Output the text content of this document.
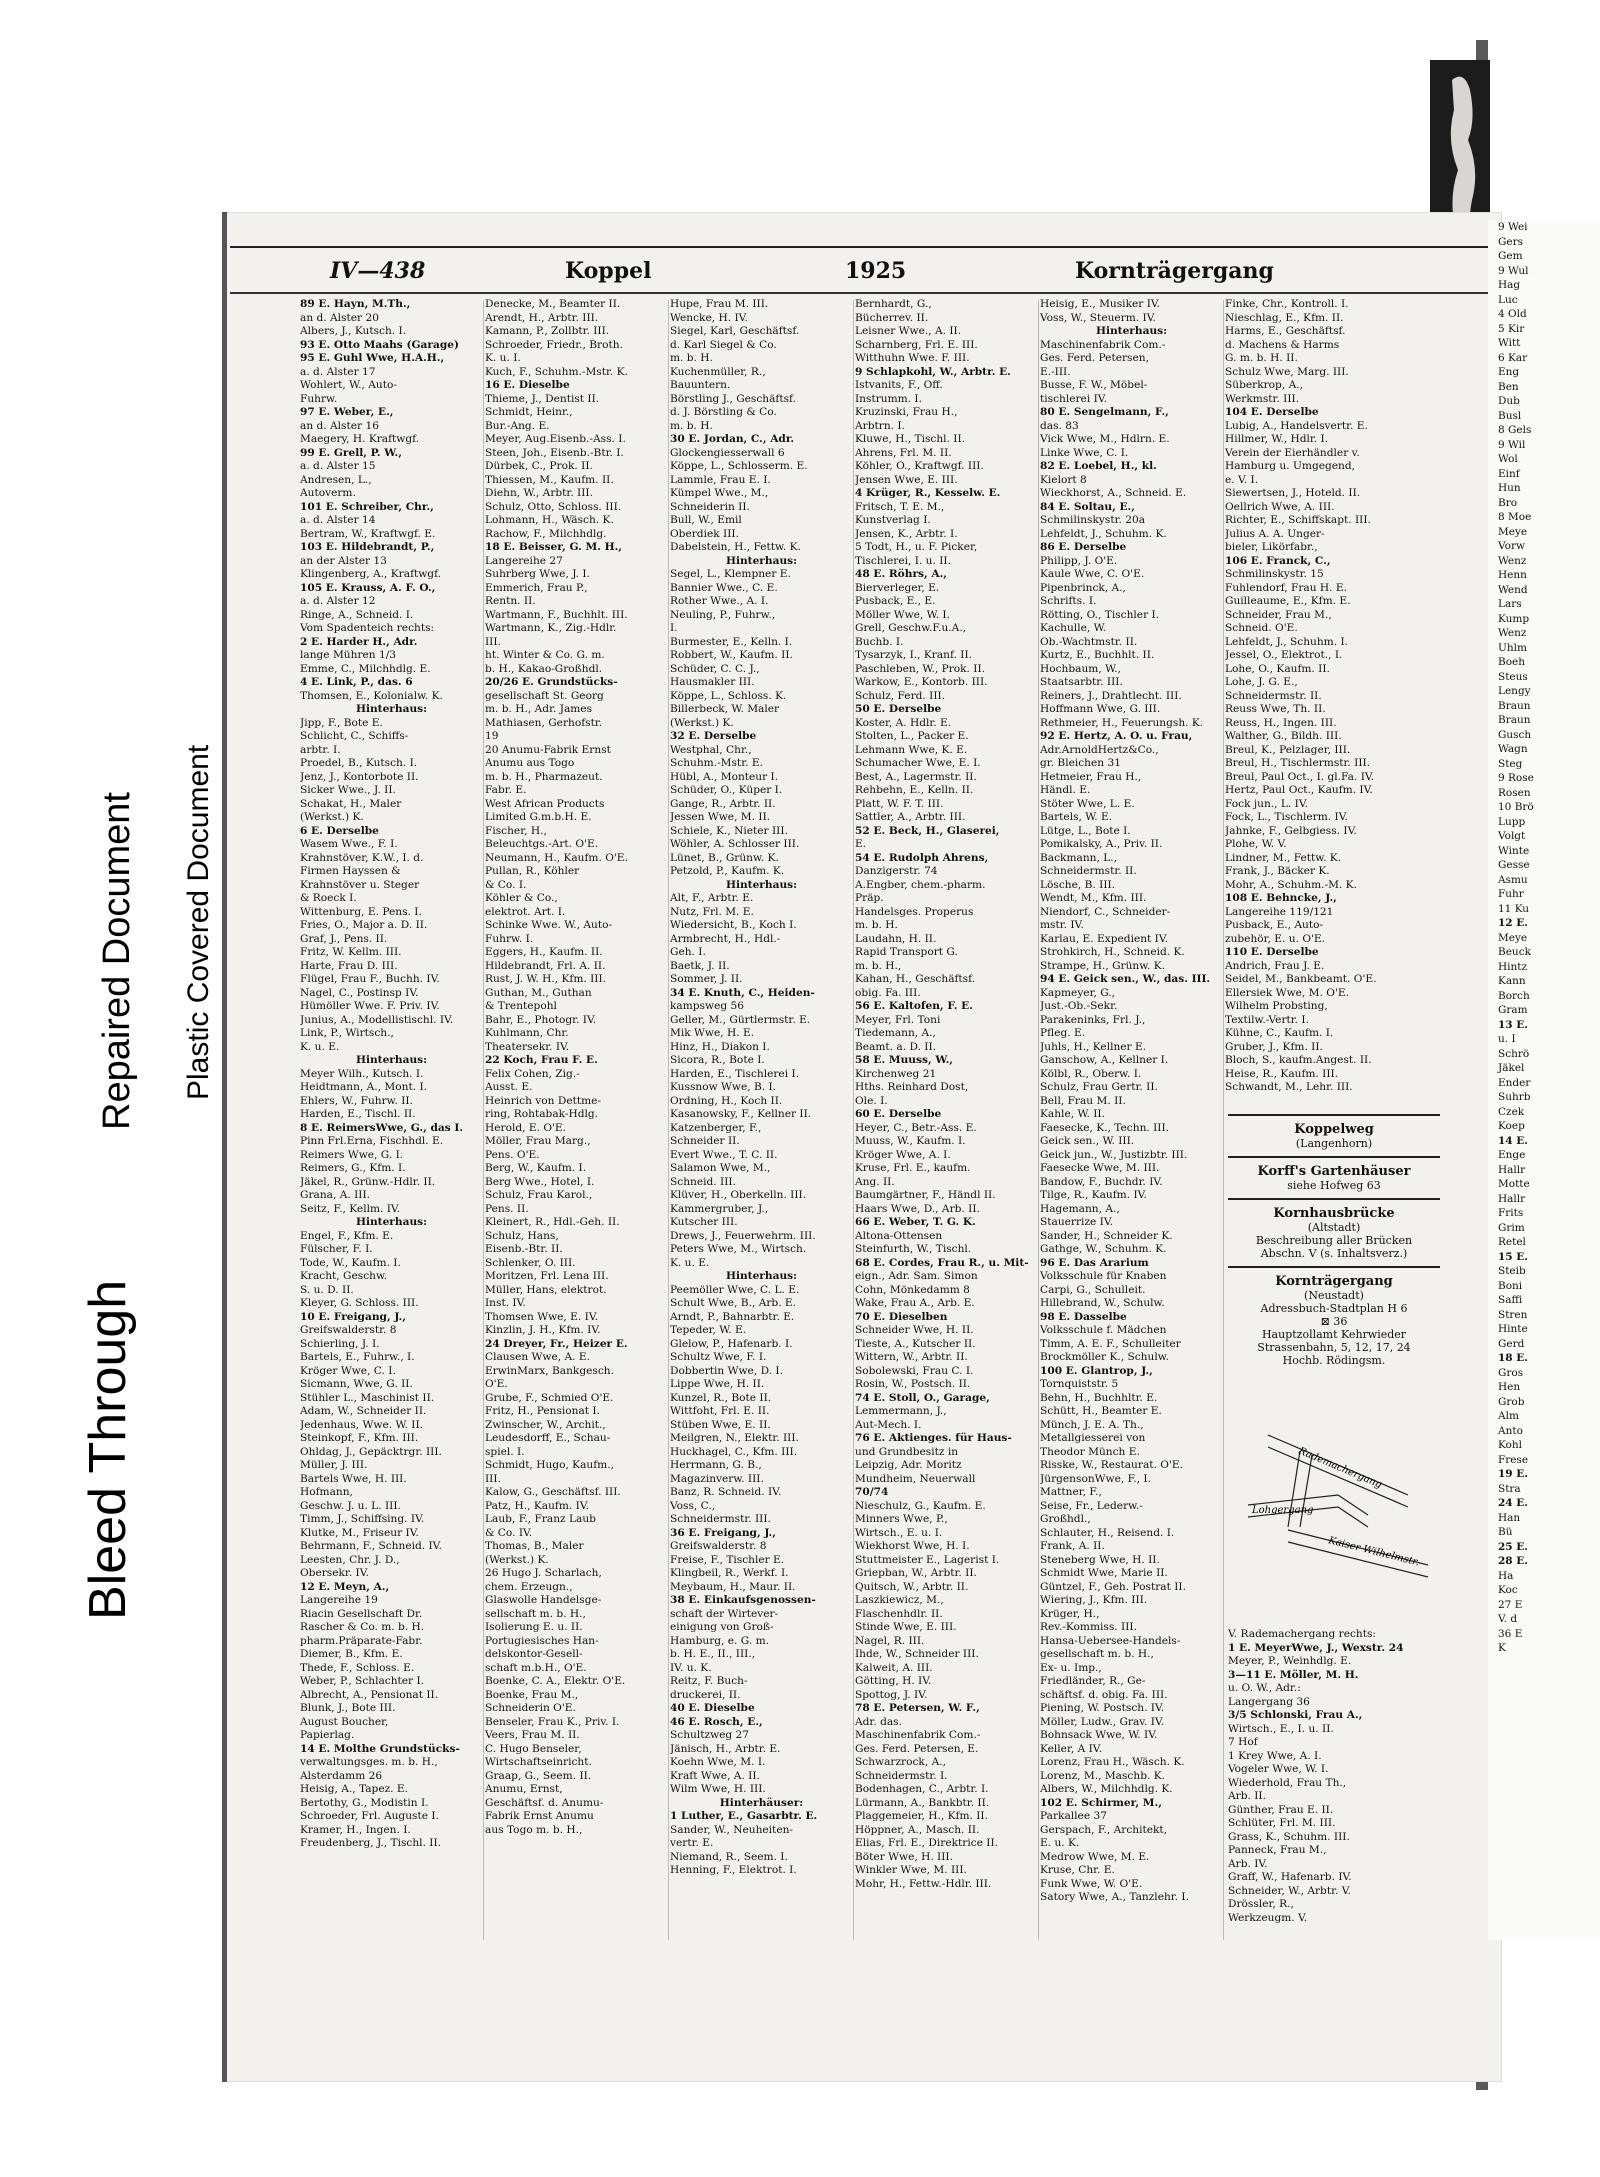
Bleed Through
Repaired Document Plastic Covered Document
IV—438	Koppel	1925	Kornträgergang
89 E. Hayn, M.Th.,
an d. Alster 20
Albers, J., Kutsch. I.
93 E. Otto Maahs (Garage)
95 E. Guhl Wwe, H.A.H.,
a. d. Alster 17
Wohlert, W., Auto-
Fuhrw.
97 E. Weber, E.,
an d. Alster 16
Maegery, H. Kraftwgf.
99 E. Grell, P. W.,
a. d. Alster 15
Andresen, L.,
Autoverm.
101 E. Schreiber, Chr.,
a. d. Alster 14
Bertram, W., Kraftwgf. E.
103 E. Hildebrandt, P.,
an der Alster 13
Klingenberg, A., Kraftwgf.
105 E. Krauss, A. F. O.,
a. d. Alster 12
Ringe, A., Schneid. I.
Vom Spadenteich rechts:
2 E. Harder H., Adr.
lange Mühren 1/3
Emme, C., Milchhdlg. E.
4 E. Link, P., das. 6
Thomsen, E., Kolonialw. K.
Hinterhaus:
Jipp, F., Bote E.
Schlicht, C., Schiffs-
arbtr. I.
Proedel, B., Kutsch. I.
Jenz, J., Kontorbote II.
Sicker Wwe., J. II.
Schakat, H., Maler
(Werkst.) K.
6 E. Derselbe
Wasem Wwe., F. I.
Krahnstöver, K.W., I. d.
Firmen Hayssen &
Krahnstöver u. Steger
& Roeck I.
Wittenburg, E. Pens. I.
Fries, O., Major a. D. II.
Graf, J., Pens. II.
Fritz, W. Kellm. III.
Harte, Frau D. III.
Flügel, Frau F., Buchh. IV.
Nagel, C., Postinsp IV.
Hümöller Wwe. F. Priv. IV.
Junius, A., Modellistischl. IV.
Link, P., Wirtsch.,
K. u. E.
Hinterhaus:
Meyer Wilh., Kutsch. I.
Heidtmann, A., Mont. I.
Ehlers, W., Fuhrw. II.
Harden, E., Tischl. II.
8 E. ReimersWwe, G., das I.
Pinn Frl.Erna, Fischhdl. E.
Reimers Wwe, G. I.
Reimers, G., Kfm. I.
Jäkel, R., Grünw.-Hdlr. II.
Grana, A. III.
Seitz, F., Kellm. IV.
Hinterhaus:
Engel, F., Kfm. E.
Fülscher, F. I.
Tode, W., Kaufm. I.
Kracht, Geschw.
S. u. D. II.
Kleyer, G. Schloss. III.
10 E. Freigang, J.,
Greifswalderstr. 8
Schierling, J. I.
Bartels, E., Fuhrw., I.
Kröger Wwe, C. I.
Sicmann, Wwe, G. II.
Stühler L., Maschinist II.
Adam, W., Schneider II.
Jedenhaus, Wwe. W. II.
Steinkopf, F., Kfm. III.
Ohldag, J., Gepäcktrgr. III.
Müller, J. III.
Bartels Wwe, H. III.
Hofmann,
Geschw. J. u. L. III.
Timm, J., Schiffsing. IV.
Klutke, M., Friseur IV.
Behrmann, F., Schneid. IV.
Leesten, Chr. J. D.,
Obersekr. IV.
12 E. Meyn, A.,
Langereihe 19
Riacin Gesellschaft Dr.
Rascher & Co. m. b. H.
pharm.Präparate-Fabr.
Diemer, B., Kfm. E.
Thede, F., Schloss. E.
Weber, P., Schlachter I.
Albrecht, A., Pensionat II.
Blunk, J., Bote III.
August Boucher,
Papierlag.
14 E. Molthe Grundstücks-
verwaltungsges. m. b. H.,
Alsterdamm 26
Heisig, A., Tapez. E.
Bertothy, G., Modistin I.
Schroeder, Frl. Auguste I.
Kramer, H., Ingen. I.
Freudenberg, J., Tischl. II.
Denecke, M., Beamter II.
Arendt, H., Arbtr. III.
Kamann, P., Zollbtr. III.
Schroeder, Friedr., Broth.
K. u. I.
Kuch, F., Schuhm.-Mstr. K.
16 E. Dieselbe
Thieme, J., Dentist II.
Schmidt, Heinr.,
Bur.-Ang. E.
Meyer, Aug.Eisenb.-Ass. I.
Steen, Joh., Eisenb.-Btr. I.
Dürbek, C., Prok. II.
Thiessen, M., Kaufm. II.
Diehn, W., Arbtr. III.
Schulz, Otto, Schloss. III.
Lohmann, H., Wäsch. K.
Rachow, F., Milchhdlg.
18 E. Beisser, G. M. H.,
Langereihe 27
Suhrberg Wwe, J. I.
Emmerich, Frau P.,
Rentn. II.
Wartmann, F., Buchhlt. III.
Wartmann, K., Zig.-Hdlr.
III.
ht. Winter & Co. G. m.
b. H., Kakao-Großhdl.
20/26 E. Grundstücks-
gesellschaft St. Georg
m. b. H., Adr. James
Mathiasen, Gerhofstr.
19
20 Anumu-Fabrik Ernst
Anumu aus Togo
m. b. H., Pharmazeut.
Fabr. E.
West African Products
Limited G.m.b.H. E.
Fischer, H.,
Beleuchtgs.-Art. O'E.
Neumann, H., Kaufm. O'E.
Pullan, R., Köhler
& Co. I.
Köhler & Co.,
elektrot. Art. I.
Schinke Wwe. W., Auto-
Fuhrw. I.
Eggers, H., Kaufm. II.
Hildebrandt, Frl. A. II.
Rust, J. W. H., Kfm. III.
Guthan, M., Guthan
& Trentepohl
Bahr, E., Photogr. IV.
Kuhlmann, Chr.
Theatersekr. IV.
22 Koch, Frau F. E.
Felix Cohen, Zig.-
Ausst. E.
Heinrich von Dettme-
ring, Rohtabak-Hdlg.
Herold, E. O'E.
Möller, Frau Marg.,
Pens. O'E.
Berg, W., Kaufm. I.
Berg Wwe., Hotel, I.
Schulz, Frau Karol.,
Pens. II.
Kleinert, R., Hdl.-Geh. II.
Schulz, Hans,
Eisenb.-Btr. II.
Schlenker, O. III.
Moritzen, Frl. Lena III.
Müller, Hans, elektrot.
Inst. IV.
Thomsen Wwe, E. IV.
Kinzlin, J. H., Kfm. IV.
24 Dreyer, Fr., Heizer E.
Clausen Wwe, A. E.
ErwinMarx, Bankgesch.
O'E.
Grube, F., Schmied O'E.
Fritz, H., Pensionat I.
Zwinscher, W., Archit.,
Leudesdorff, E., Schau-
spiel. I.
Schmidt, Hugo, Kaufm.,
III.
Kalow, G., Geschäftsf. III.
Patz, H., Kaufm. IV.
Laub, F., Franz Laub
& Co. IV.
Thomas, B., Maler
(Werkst.) K.
26 Hugo J. Scharlach,
chem. Erzeugn.,
Glaswolle Handelsge-
sellschaft m. b. H.,
Isolierung E. u. II.
Portugiesisches Han-
delskontor-Gesell-
schaft m.b.H., O'E.
Boenke, C. A., Elektr. O'E.
Boenke, Frau M.,
Schneiderin O'E.
Benseler, Frau K., Priv. I.
Veers, Frau M. II.
C. Hugo Benseler,
Wirtschaftseinricht.
Graap, G., Seem. II.
Anumu, Ernst,
Geschäftsf. d. Anumu-
Fabrik Ernst Anumu
aus Togo m. b. H.,
Hupe, Frau M. III.
Wencke, H. IV.
Siegel, Karl, Geschäftsf.
d. Karl Siegel & Co.
m. b. H.
Kuchenmüller, R.,
Bauuntern.
Börstling J., Geschäftsf.
d. J. Börstling & Co.
m. b. H.
30 E. Jordan, C., Adr.
Glockengiesserwall 6
Köppe, L., Schlosserm. E.
Lammle, Frau E. I.
Kümpel Wwe., M.,
Schneiderin II.
Bull, W., Emil
Oberdiek III.
Dabelstein, H., Fettw. K.
Hinterhaus:
Segel, L., Klempner E.
Bannier Wwe., C. E.
Rother Wwe., A. I.
Neuling, P., Fuhrw.,
I.
Burmester, E., Kelln. I.
Robbert, W., Kaufm. II.
Schüder, C. C. J.,
Hausmakler III.
Köppe, L., Schloss. K.
Billerbeck, W. Maler
(Werkst.) K.
32 E. Derselbe
Westphal, Chr.,
Schuhm.-Mstr. E.
Hübl, A., Monteur I.
Schüder, O., Küper I.
Gange, R., Arbtr. II.
Jessen Wwe, M. II.
Schiele, K., Nieter III.
Wöhler, A. Schlosser III.
Lünet, B., Grünw. K.
Petzold, P., Kaufm. K.
Hinterhaus:
Alt, F., Arbtr. E.
Nutz, Frl. M. E.
Wiedersicht, B., Koch I.
Armbrecht, H., Hdl.-
Geh. I.
Baetk, J. II.
Sommer, J. II.
34 E. Knuth, C., Heiden-
kampsweg 56
Geller, M., Gürtlermstr. E.
Mik Wwe, H. E.
Hinz, H., Diakon I.
Sicora, R., Bote I.
Harden, E., Tischlerei I.
Kussnow Wwe, B. I.
Ordning, H., Koch II.
Kasanowsky, F., Kellner II.
Katzenberger, F.,
Schneider II.
Evert Wwe., T. C. II.
Salamon Wwe, M.,
Schneid. III.
Klüver, H., Oberkelln. III.
Kammergruber, J.,
Kutscher III.
Drews, J., Feuerwehrm. III.
Peters Wwe, M., Wirtsch.
K. u. E.
Hinterhaus:
Peemöller Wwe, C. L. E.
Schult Wwe, B., Arb. E.
Arndt, P., Bahnarbtr. E.
Tepeder, W. E.
Glelow, P., Hafenarb. I.
Schultz Wwe, F. I.
Dobbertin Wwe, D. I.
Lippe Wwe, H. II.
Kunzel, R., Bote II.
Wittfoht, Frl. E. II.
Stüben Wwe, E. II.
Meilgren, N., Elektr. III.
Huckhagel, C., Kfm. III.
Herrmann, G. B.,
Magazinverw. III.
Banz, R. Schneid. IV.
Voss, C.,
Schneidermstr. III.
36 E. Freigang, J.,
Greifswalderstr. 8
Freise, F., Tischler E.
Klingbeil, R., Werkf. I.
Meybaum, H., Maur. II.
38 E. Einkaufsgenossen-
schaft der Wirtever-
einigung von Groß-
Hamburg, e. G. m.
b. H. E., II., III.,
IV. u. K.
Reitz, F. Buch-
druckerei, II.
40 E. Dieselbe
46 E. Rosch, E.,
Schultzweg 27
Jänisch, H., Arbtr. E.
Koehn Wwe, M. I.
Kraft Wwe, A. II.
Wilm Wwe, H. III.
Hinterhäuser:
1 Luther, E., Gasarbtr. E.
Sander, W., Neuheiten-
vertr. E.
Niemand, R., Seem. I.
Henning, F., Elektrot. I.
Bernhardt, G.,
Bücherrev. II.
Leisner Wwe., A. II.
Scharnberg, Frl. E. III.
Witthuhn Wwe. F. III.
9 Schlapkohl, W., Arbtr. E.
Istvanits, F., Off.
Instrumm. I.
Kruzinski, Frau H.,
Arbtrn. I.
Kluwe, H., Tischl. II.
Ahrens, Frl. M. II.
Köhler, O., Kraftwgf. III.
Jensen Wwe, E. III.
4 Krüger, R., Kesselw. E.
Fritsch, T. E. M.,
Kunstverlag I.
Jensen, K., Arbtr. I.
5 Todt, H., u. F. Picker,
Tischlerei, I. u. II.
48 E. Röhrs, A.,
Bierverleger, E.
Pusback, E., E.
Möller Wwe, W. I.
Grell, Geschw.F.u.A.,
Buchb. I.
Tysarzyk, I., Kranf. II.
Paschleben, W., Prok. II.
Warkow, E., Kontorb. III.
Schulz, Ferd. III.
50 E. Derselbe
Koster, A. Hdlr. E.
Stolten, L., Packer E.
Lehmann Wwe, K. E.
Schumacher Wwe, E. I.
Best, A., Lagermstr. II.
Rehbehn, E., Kelln. II.
Platt, W. F. T. III.
Sattler, A., Arbtr. III.
52 E. Beck, H., Glaserei,
E.
54 E. Rudolph Ahrens,
Danzigerstr. 74
A.Engber, chem.-pharm.
Präp.
Handelsges. Properus
m. b. H.
Laudahn, H. II.
Rapid Transport G.
m. b. H.,
Kahan, H., Geschäftsf.
obig. Fa. III.
56 E. Kaltofen, F. E.
Meyer, Frl. Toni
Tiedemann, A.,
Beamt. a. D. II.
58 E. Muuss, W.,
Kirchenweg 21
Hths. Reinhard Dost,
Ole. I.
60 E. Derselbe
Heyer, C., Betr.-Ass. E.
Muuss, W., Kaufm. I.
Kröger Wwe, A. I.
Kruse, Frl. E., kaufm.
Ang. II.
Baumgärtner, F., Händl II.
Haars Wwe, D., Arb. II.
66 E. Weber, T. G. K.
Altona-Ottensen
Steinfurth, W., Tischl.
68 E. Cordes, Frau R., u. Mit-
eign., Adr. Sam. Simon
Cohn, Mönkedamm 8
Wake, Frau A., Arb. E.
70 E. Dieselben
Schneider Wwe, H. II.
Tieste, A., Kutscher II.
Wittern, W., Arbtr. II.
Sobolewski, Frau C. I.
Rosin, W., Postsch. II.
74 E. Stoll, O., Garage,
Lemmermann, J.,
Aut-Mech. I.
76 E. Aktienges. für Haus-
und Grundbesitz in
Leipzig, Adr. Moritz
Mundheim, Neuerwall
70/74
Nieschulz, G., Kaufm. E.
Minners Wwe, P.,
Wirtsch., E. u. I.
Wiekhorst Wwe, H. I.
Stuttmeister E., Lagerist I.
Griepban, W., Arbtr. II.
Quitsch, W., Arbtr. II.
Laszkiewicz, M.,
Flaschenhdlr. II.
Stinde Wwe, E. III.
Nagel, R. III.
Ihde, W., Schneider III.
Kalweit, A. III.
Götting, H. IV.
Spottog, J. IV.
78 E. Petersen, W. F.,
Adr. das.
Maschinenfabrik Com.-
Ges. Ferd. Petersen, E.
Schwarzrock, A.,
Schneidermstr. I.
Bodenhagen, C., Arbtr. I.
Lürmann, A., Bankbtr. II.
Plaggemeier, H., Kfm. II.
Höppner, A., Masch. II.
Elias, Frl. E., Direktrice II.
Böter Wwe, H. III.
Winkler Wwe, M. III.
Mohr, H., Fettw.-Hdlr. III.
Heisig, E., Musiker IV.
Voss, W., Steuerm. IV.
Hinterhaus:
Maschinenfabrik Com.-
Ges. Ferd. Petersen,
E.-III.
Busse, F. W., Möbel-
tischlerei IV.
80 E. Sengelmann, F.,
das. 83
Vick Wwe, M., Hdlrn. E.
Linke Wwe, C. I.
82 E. Loebel, H., kl.
Kielort 8
Wieckhorst, A., Schneid. E.
84 E. Soltau, E.,
Schmilinskystr. 20a
Lehfeldt, J., Schuhm. K.
86 E. Derselbe
Philipp, J. O'E.
Kaule Wwe, C. O'E.
Pipenbrinck, A.,
Schrifts. I.
Rötting, O., Tischler I.
Kachulle, W.
Ob.-Wachtmstr. II.
Kurtz, E., Buchhlt. II.
Hochbaum, W.,
Staatsarbtr. III.
Reiners, J., Drahtlecht. III.
Hoffmann Wwe, G. III.
Rethmeier, H., Feuerungsh. K.
92 E. Hertz, A. O. u. Frau,
Adr.ArnoldHertz&Co.,
gr. Bleichen 31
Hetmeier, Frau H.,
Händl. E.
Stöter Wwe, L. E.
Bartels, W. E.
Lütge, L., Bote I.
Pomikalsky, A., Priv. II.
Backmann, L.,
Schneidermstr. II.
Lösche, B. III.
Wendt, M., Kfm. III.
Niendorf, C., Schneider-
mstr. IV.
Karlau, E. Expedient IV.
Strohkirch, H., Schneid. K.
Strampe, H., Grünw. K.
94 E. Geick sen., W., das. III.
Kapmeyer, G.,
Just.-Ob.-Sekr.
Parakeninks, Frl. J.,
Pfleg. E.
Juhls, H., Kellner E.
Ganschow, A., Kellner I.
Kölbl, R., Oberw. I.
Schulz, Frau Gertr. II.
Bell, Frau M. II.
Kahle, W. II.
Faesecke, K., Techn. III.
Geick sen., W. III.
Geick jun., W., Justizbtr. III.
Faesecke Wwe, M. III.
Bandow, F., Buchdr. IV.
Tilge, R., Kaufm. IV.
Hagemann, A.,
Stauerrize IV.
Sander, H., Schneider K.
Gathge, W., Schuhm. K.
96 E. Das Ararium
Volksschule für Knaben
Carpi, G., Schulleit.
Hillebrand, W., Schulw.
98 E. Dasselbe
Volksschule f. Mädchen
Timm, A. E. F., Schulleiter
Brockmöller K., Schulw.
100 E. Glantrop, J.,
Tornquiststr. 5
Behn, H., Buchhltr. E.
Schütt, H., Beamter E.
Münch, J. E. A. Th.,
Metallgiesserei von
Theodor Münch E.
Risske, W., Restaurat. O'E.
JürgensonWwe, F., I.
Mattner, F.,
Seise, Fr., Lederw.-
Großhdl.,
Schlauter, H., Reisend. I.
Frank, A. II.
Steneberg Wwe, H. II.
Schmidt Wwe, Marie II.
Güntzel, F., Geh. Postrat II.
Wiering, J., Kfm. III.
Krüger, H.,
Rev.-Kommiss. III.
Hansa-Uebersee-Handels-
gesellschaft m. b. H.,
Ex- u. Imp.,
Friedländer, R., Ge-
schäftsf. d. obig. Fa. III.
Piening, W. Postsch. IV.
Möller, Ludw., Grav. IV.
Bohnsack Wwe, W. IV.
Keller, A IV.
Lorenz, Frau H., Wäsch. K.
Lorenz, M., Maschb. K.
Albers, W., Milchhdlg. K.
102 E. Schirmer, M.,
Parkallee 37
Gerspach, F., Architekt,
E. u. K.
Medrow Wwe, M. E.
Kruse, Chr. E.
Funk Wwe, W. O'E.
Satory Wwe, A., Tanzlehr. I.
Finke, Chr., Kontroll. I.
Nieschlag, E., Kfm. II.
Harms, E., Geschäftsf.
d. Machens & Harms
G. m. b. H. II.
Schulz Wwe, Marg. III.
Süberkrop, A.,
Werkmstr. III.
104 E. Derselbe
Lubig, A., Handelsvertr. E.
Hillmer, W., Hdlr. I.
Verein der Eierhändler v.
Hamburg u. Umgegend,
e. V. I.
Siewertsen, J., Hoteld. II.
Oellrich Wwe, A. III.
Richter, E., Schiffskapt. III.
Julius A. A. Unger-
bieler, Likörfabr.,
106 E. Franck, C.,
Schmilinskystr. 15
Fuhlendorf, Frau H. E.
Guilleaume, E., Kfm. E.
Schneider, Frau M.,
Schneid. O'E.
Lehfeldt, J., Schuhm. I.
Jessel, O., Elektrot., I.
Lohe, O., Kaufm. II.
Lohe, J. G. E.,
Schneidermstr. II.
Reuss Wwe, Th. II.
Reuss, H., Ingen. III.
Walther, G., Bildh. III.
Breul, K., Pelzlager, III.
Breul, H., Tischlermstr. III.
Breul, Paul Oct., I. gl.Fa. IV.
Hertz, Paul Oct., Kaufm. IV.
Fock jun., L. IV.
Fock, L., Tischlerm. IV.
Jahnke, F., Gelbgiess. IV.
Plohe, W. V.
Lindner, M., Fettw. K.
Frank, J., Bäcker K.
Mohr, A., Schuhm.-M. K.
108 E. Behncke, J.,
Langereihe 119/121
Pusback, E., Auto-
zubehör, E. u. O'E.
110 E. Derselbe
Andrich, Frau J. E.
Seidel, M., Bankbeamt. O'E.
Ellersiek Wwe, M. O'E.
Wilhelm Probsting,
Textilw.-Vertr. I.
Kühne, C., Kaufm. I.
Gruber, J., Kfm. II.
Bloch, S., kaufm.Angest. II.
Heise, R., Kaufm. III.
Schwandt, M., Lehr. III.
Koppelweg
(Langenhorn)
Korff's Gartenhäuser
siehe Hofweg 63
Kornhausbrücke
(Altstadt)
Beschreibung aller Brücken
Abschn. V (s. Inhaltsverz.)
Kornträgergang
(Neustadt)
Adressbuch-Stadtplan H 6
⊠ 36
Hauptzollamt Kehrwieder
Strassenbahn, 5, 12, 17, 24
Hochb. Rödingsm.
Rademachergang
Lohgergang
Kaiser Wilhelmstr.
V. Rademachergang rechts:
1 E. MeyerWwe, J., Wexstr. 24
Meyer, P., Weinhdlg. E.
3—11 E. Möller, M. H.
u. O. W., Adr.:
Langergang 36
3/5 Schlonski, Frau A.,
Wirtsch., E., I. u. II.
7 Hof
1 Krey Wwe, A. I.
Vogeler Wwe, W. I.
Wiederhold, Frau Th.,
Arb. II.
Günther, Frau E. II.
Schlüter, Frl. M. III.
Grass, K., Schuhm. III.
Panneck, Frau M.,
Arb. IV.
Graff, W., Hafenarb. IV.
Schneider, W., Arbtr. V.
Drössler, R.,
Werkzeugm. V.
9 Wei
Gers
Gem
9 Wul
Hag
Luc
4 Old
5 Kir
Witt
6 Kar
Eng
Ben
Dub
Busl
8 Gels
9 Wil
Wol
Einf
Hun
Bro
8 Moe
Meye
Vorw
Wenz
Henn
Wend
Lars
Kump
Wenz
Uhlm
Boeh
Steus
Lengy
Braun
Braun
Gusch
Wagn
Steg
9 Rose
Rosen
10 Brö
Lupp
Volgt
Winte
Gesse
Asmu
Fuhr
11 Ku
12 E.
Meye
Beuck
Hintz
Kann
Borch
Gram
13 E.
u. I
Schrö
Jäkel
Ender
Suhrb
Czek
Koep
14 E.
Enge
Hallr
Motte
Hallr
Frits
Grim
Retel
15 E.
Steib
Boni
Saffi
Stren
Hinte
Gerd
18 E.
Gros
Hen
Grob
Alm
Anto
Kohl
Frese
19 E.
Stra
24 E.
Han
Bü
25 E.
28 E.
Ha
Koc
27 E
V. d
36 E
K
